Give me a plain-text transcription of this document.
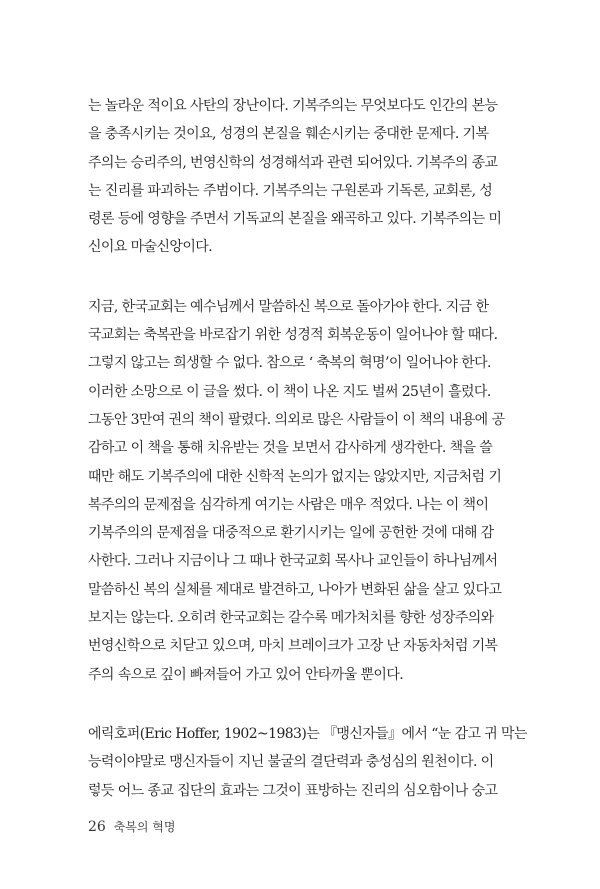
는 놀라운 적이요 사탄의 장난이다. 기복주의는 무엇보다도 인간의 본능
을 충족시키는 것이요, 성경의 본질을 훼손시키는 중대한 문제다. 기복
주의는 승리주의, 번영신학의 성경해석과 관련 되어있다. 기복주의 종교
는 진리를 파괴하는 주범이다. 기복주의는 구원론과 기독론, 교회론, 성
령론 등에 영향을 주면서 기독교의 본질을 왜곡하고 있다. 기복주의는 미
신이요 마술신앙이다.

지금, 한국교회는 예수님께서 말씀하신 복으로 돌아가야 한다. 지금 한
국교회는 축복관을 바로잡기 위한 성경적 회복운동이 일어나야 할 때다.
그렇지 않고는 희생할 수 없다. 참으로 ‘ 축복의 혁명’이 일어나야 한다.
이러한 소망으로 이 글을 썼다. 이 책이 나온 지도 벌써 25년이 흘렀다.
그동안 3만여 권의 책이 팔렸다. 의외로 많은 사람들이 이 책의 내용에 공
감하고 이 책을 통해 치유받는 것을 보면서 감사하게 생각한다. 책을 쓸
때만 해도 기복주의에 대한 신학적 논의가 없지는 않았지만, 지금처럼 기
복주의의 문제점을 심각하게 여기는 사람은 매우 적었다. 나는 이 책이
기복주의의 문제점을 대중적으로 환기시키는 일에 공헌한 것에 대해 감
사한다. 그러나 지금이나 그 때나 한국교회 목사나 교인들이 하나님께서
말씀하신 복의 실체를 제대로 발견하고, 나아가 변화된 삶을 살고 있다고
보지는 않는다. 오히려 한국교회는 갈수록 메가처치를 향한 성장주의와
번영신학으로 치닫고 있으며, 마치 브레이크가 고장 난 자동차처럼 기복
주의 속으로 깊이 빠져들어 가고 있어 안타까울 뿐이다.

에릭호퍼(Eric Hoffer, 1902~1983)는 『맹신자들』에서 “눈 감고 귀 막는
능력이야말로 맹신자들이 지닌 불굴의 결단력과 충성심의 원천이다. 이
렇듯 어느 종교 집단의 효과는 그것이 표방하는 진리의 심오함이나 숭고

26 축복의 혁명
